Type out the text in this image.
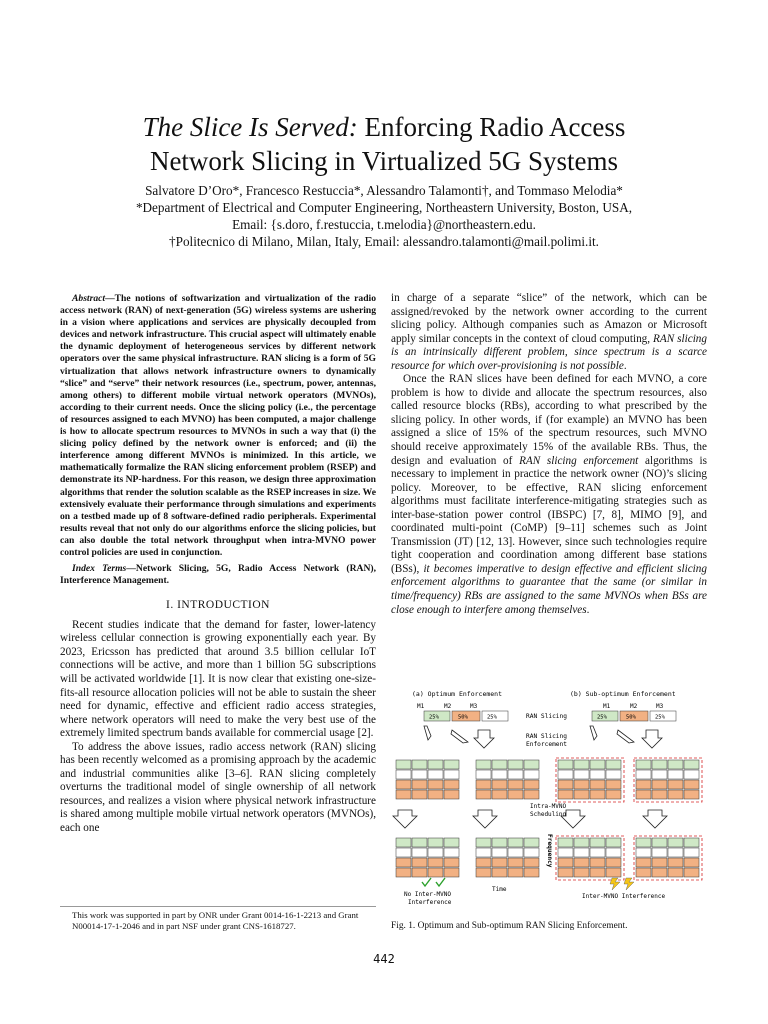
The Slice Is Served: Enforcing Radio Access
Network Slicing in Virtualized 5G Systems
Salvatore D’Oro*, Francesco Restuccia*, Alessandro Talamonti†, and Tommaso Melodia*
*Department of Electrical and Computer Engineering, Northeastern University, Boston, USA,
Email: {s.doro, f.restuccia, t.melodia}@northeastern.edu.
†Politecnico di Milano, Milan, Italy, Email: alessandro.talamonti@mail.polimi.it.

Abstract—The notions of softwarization and virtualization of the radio access network (RAN) of next-generation (5G) wireless systems are ushering in a vision where applications and services are physically decoupled from devices and network infrastructure. This crucial aspect will ultimately enable the dynamic deployment of heterogeneous services by different network operators over the same physical infrastructure. RAN slicing is a form of 5G virtualization that allows network infrastructure owners to dynamically “slice” and “serve” their network resources (i.e., spectrum, power, antennas, among others) to different mobile virtual network operators (MVNOs), according to their current needs. Once the slicing policy (i.e., the percentage of resources assigned to each MVNO) has been computed, a major challenge is how to allocate spectrum resources to MVNOs in such a way that (i) the slicing policy defined by the network owner is enforced; and (ii) the interference among different MVNOs is minimized. In this article, we mathematically formalize the RAN slicing enforcement problem (RSEP) and demonstrate its NP-hardness. For this reason, we design three approximation algorithms that render the solution scalable as the RSEP increases in size. We extensively evaluate their performance through simulations and experiments on a testbed made up of 8 software-defined radio peripherals. Experimental results reveal that not only do our algorithms enforce the slicing policies, but can also double the total network throughput when intra-MVNO power control policies are used in conjunction.

Index Terms—Network Slicing, 5G, Radio Access Network (RAN), Interference Management.

I. INTRODUCTION

Recent studies indicate that the demand for faster, lower-latency wireless cellular connection is growing exponentially each year. By 2023, Ericsson has predicted that around 3.5 billion cellular IoT connections will be active, and more than 1 billion 5G subscriptions will be activated worldwide [1]. It is now clear that existing one-size-fits-all resource allocation policies will not be able to sustain the sheer need for dynamic, effective and efficient radio access strategies, where network operators will need to make the very best use of the extremely limited spectrum bands available for commercial usage [2].

To address the above issues, radio access network (RAN) slicing has been recently welcomed as a promising approach by the academic and industrial communities alike [3–6]. RAN slicing completely overturns the traditional model of single ownership of all network resources, and realizes a vision where physical network infrastructure is shared among multiple mobile virtual network operators (MVNOs), each one

This work was supported in part by ONR under Grant 0014-16-1-2213 and Grant N00014-17-1-2046 and in part NSF under grant CNS-1618727.

in charge of a separate “slice” of the network, which can be assigned/revoked by the network owner according to the current slicing policy. Although companies such as Amazon or Microsoft apply similar concepts in the context of cloud computing, RAN slicing is an intrinsically different problem, since spectrum is a scarce resource for which over-provisioning is not possible.

Once the RAN slices have been defined for each MVNO, a core problem is how to divide and allocate the spectrum resources, also called resource blocks (RBs), according to what prescribed by the slicing policy. In other words, if (for example) an MVNO has been assigned a slice of 15% of the spectrum resources, such MVNO should receive approximately 15% of the available RBs. Thus, the design and evaluation of RAN slicing enforcement algorithms is necessary to implement in practice the network owner (NO)’s slicing policy. Moreover, to be effective, RAN slicing enforcement algorithms must facilitate interference-mitigating strategies such as inter-base-station power control (IBSPC) [7, 8], MIMO [9], and coordinated multi-point (CoMP) [9–11] schemes such as Joint Transmission (JT) [12, 13]. However, since such technologies require tight cooperation and coordination among different base stations (BSs), it becomes imperative to design effective and efficient slicing enforcement algorithms to guarantee that the same (or similar in time/frequency) RBs are assigned to the same MVNOs when BSs are close enough to interfere among themselves.

(a) Optimum Enforcement	(b) Sub-optimum Enforcement
M1	M2	M3
25%	50%	25%
M1	M2	M3
25%	50%	25%
RAN Slicing
RAN Slicing
Enforcement
Intra-MVNO
Scheduling
Frequency
Time
No Inter-MVNO
Interference
Inter-MVNO Interference
Fig. 1. Optimum and Sub-optimum RAN Slicing Enforcement.
442
